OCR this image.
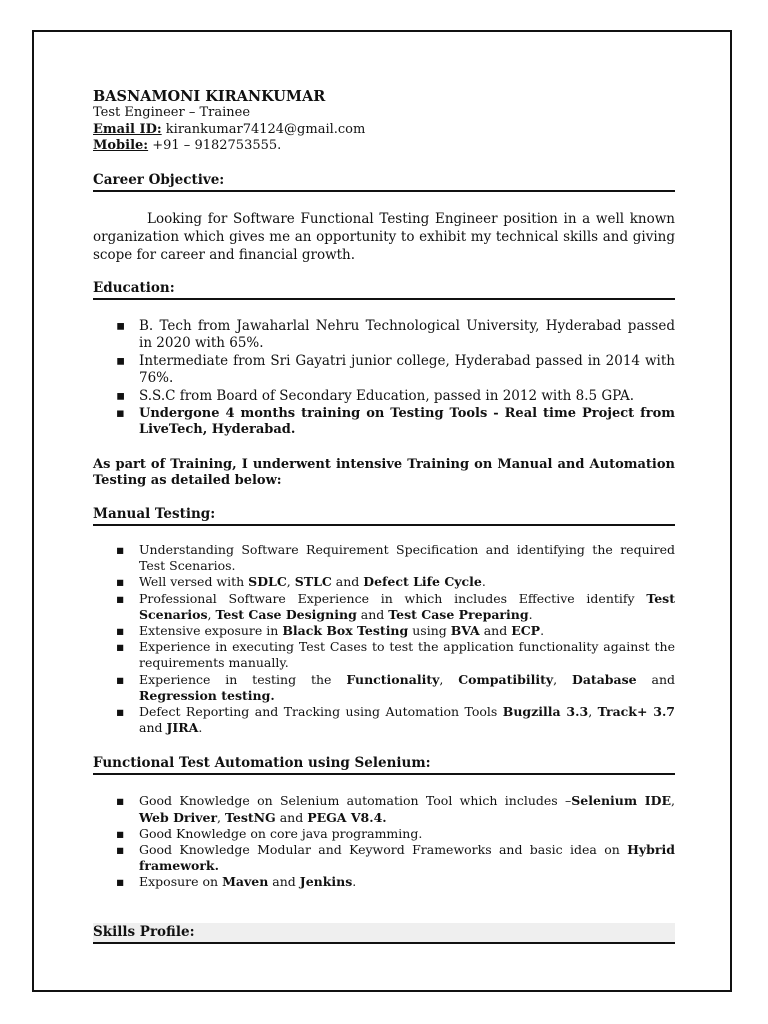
BASNAMONI KIRANKUMAR
Test Engineer – Trainee
Email ID: kirankumar74124@gmail.com
Mobile: +91 – 9182753555.
Career Objective:

Looking for Software Functional Testing Engineer position in a well known organization which gives me an opportunity to exhibit my technical skills and giving scope for career and financial growth.

Education:
▪ B. Tech from Jawaharlal Nehru Technological University, Hyderabad passed in 2020 with 65%.
▪ Intermediate from Sri Gayatri junior college, Hyderabad passed in 2014 with 76%.
▪ S.S.C from Board of Secondary Education, passed in 2012 with 8.5 GPA.
▪ Undergone 4 months training on Testing Tools - Real time Project from LiveTech, Hyderabad.
As part of Training, I underwent intensive Training on Manual and Automation Testing as detailed below:
Manual Testing:
▪ Understanding Software Requirement Specification and identifying the required Test Scenarios.
▪ Well versed with SDLC, STLC and Defect Life Cycle.
▪ Professional Software Experience in which includes Effective identify Test Scenarios, Test Case Designing and Test Case Preparing.
▪ Extensive exposure in Black Box Testing using BVA and ECP.
▪ Experience in executing Test Cases to test the application functionality against the requirements manually.
▪ Experience in testing the Functionality, Compatibility, Database and Regression testing.
▪ Defect Reporting and Tracking using Automation Tools Bugzilla 3.3, Track+ 3.7 and JIRA.
Functional Test Automation using Selenium:
▪ Good Knowledge on Selenium automation Tool which includes –Selenium IDE, Web Driver, TestNG and PEGA V8.4.
▪ Good Knowledge on core java programming.
▪ Good Knowledge Modular and Keyword Frameworks and basic idea on Hybrid framework.
▪ Exposure on Maven and Jenkins.
Skills Profile:
